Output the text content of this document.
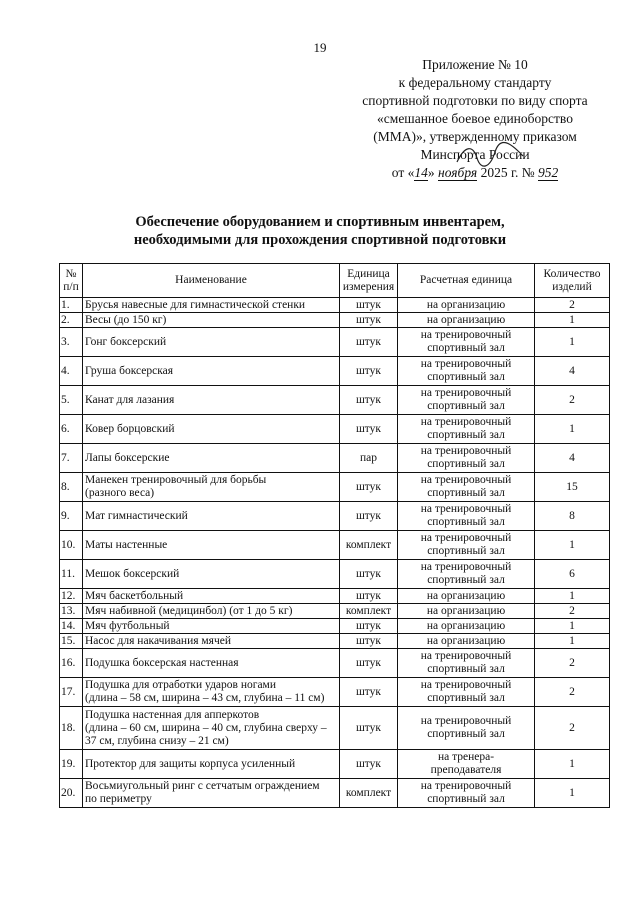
19
Приложение № 10
к федеральному стандарту
спортивной подготовки по виду спорта
«смешанное боевое единоборство
(ММА)», утвержденному приказом
Минспорта России
от «14» ноября 2025 г. № 952
Обеспечение оборудованием и спортивным инвентарем,
необходимыми для прохождения спортивной подготовки
№
п/п	Наименование	Единица
измерения	Расчетная единица	Количество
изделий
1.	Брусья навесные для гимнастической стенки	штук	на организацию	2
2.	Весы (до 150 кг)	штук	на организацию	1
3.	Гонг боксерский	штук	на тренировочный
спортивный зал	1
4.	Груша боксерская	штук	на тренировочный
спортивный зал	4
5.	Канат для лазания	штук	на тренировочный
спортивный зал	2
6.	Ковер борцовский	штук	на тренировочный
спортивный зал	1
7.	Лапы боксерские	пар	на тренировочный
спортивный зал	4
8.	Манекен тренировочный для борьбы
(разного веса)	штук	на тренировочный
спортивный зал	15
9.	Мат гимнастический	штук	на тренировочный
спортивный зал	8
10.	Маты настенные	комплект	на тренировочный
спортивный зал	1
11.	Мешок боксерский	штук	на тренировочный
спортивный зал	6
12.	Мяч баскетбольный	штук	на организацию	1
13.	Мяч набивной (медицинбол) (от 1 до 5 кг)	комплект	на организацию	2
14.	Мяч футбольный	штук	на организацию	1
15.	Насос для накачивания мячей	штук	на организацию	1
16.	Подушка боксерская настенная	штук	на тренировочный
спортивный зал	2
17.	Подушка для отработки ударов ногами
(длина – 58 см, ширина – 43 см, глубина – 11 см)	штук	на тренировочный
спортивный зал	2
18.	Подушка настенная для апперкотов
(длина – 60 см, ширина – 40 см, глубина сверху –
37 см, глубина снизу – 21 см)	штук	на тренировочный
спортивный зал	2
19.	Протектор для защиты корпуса усиленный	штук	на тренера-
преподавателя	1
20.	Восьмиугольный ринг с сетчатым ограждением
по периметру	комплект	на тренировочный
спортивный зал	1
